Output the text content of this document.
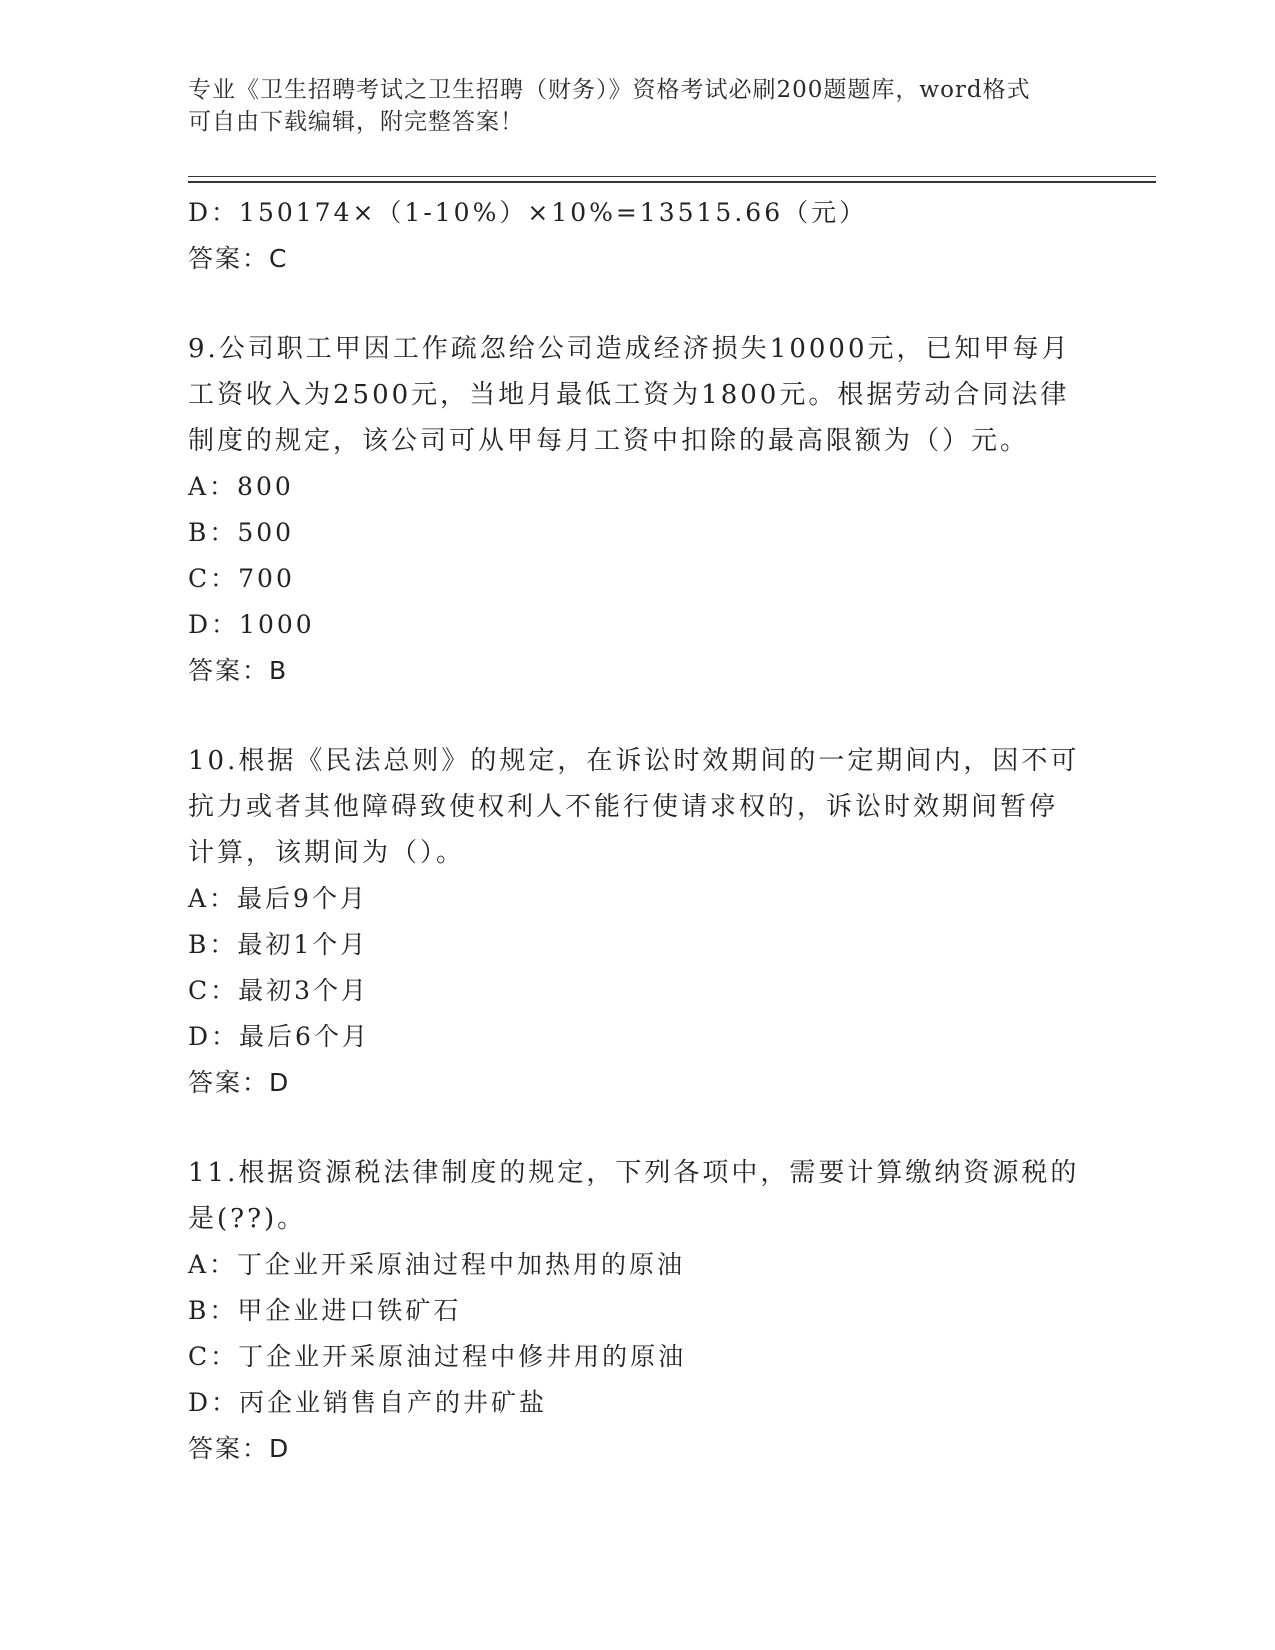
专业《卫生招聘考试之卫生招聘（财务）》资格考试必刷200题题库，word格式
可自由下载编辑，附完整答案！
D：150174×（1-10%）×10%=13515.66（元）
答案：C
9.公司职工甲因工作疏忽给公司造成经济损失10000元，已知甲每月
工资收入为2500元，当地月最低工资为1800元。根据劳动合同法律
制度的规定，该公司可从甲每月工资中扣除的最高限额为（）元。
A：800
B：500
C：700
D：1000
答案：B
10.根据《民法总则》的规定，在诉讼时效期间的一定期间内，因不可
抗力或者其他障碍致使权利人不能行使请求权的，诉讼时效期间暂停
计算，该期间为（）。
A：最后9个月
B：最初1个月
C：最初3个月
D：最后6个月
答案：D
11.根据资源税法律制度的规定，下列各项中，需要计算缴纳资源税的
是(??)。
A：丁企业开采原油过程中加热用的原油
B：甲企业进口铁矿石
C：丁企业开采原油过程中修井用的原油
D：丙企业销售自产的井矿盐
答案：D
